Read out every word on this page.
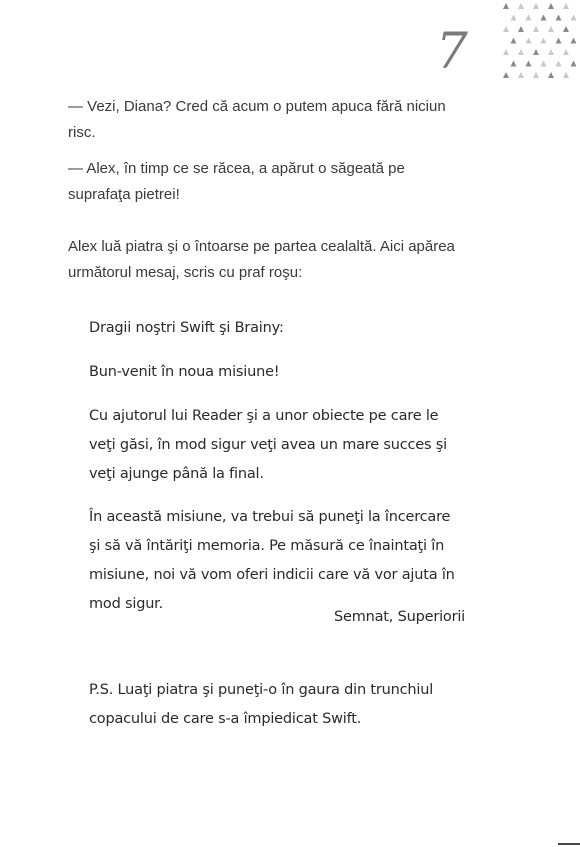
7

— Vezi, Diana? Cred că acum o putem apuca fără niciun risc.

— Alex, în timp ce se răcea, a apărut o săgeată pe suprafaţa pietrei!

Alex luă piatra şi o întoarse pe partea cealaltă. Aici apărea următorul mesaj, scris cu praf roşu:

Dragii noştri Swift şi Brainy:

Bun-venit în noua misiune!

Cu ajutorul lui Reader şi a unor obiecte pe care le veţi găsi, în mod sigur veţi avea un mare succes şi veţi ajunge până la final.

În această misiune, va trebui să puneţi la încercare şi să vă întăriţi memoria. Pe măsură ce înaintaţi în misiune, noi vă vom oferi indicii care vă vor ajuta în mod sigur.

Semnat, Superiorii

P.S. Luaţi piatra şi puneţi-o în gaura din trunchiul copacului de care s-a împiedicat Swift.
